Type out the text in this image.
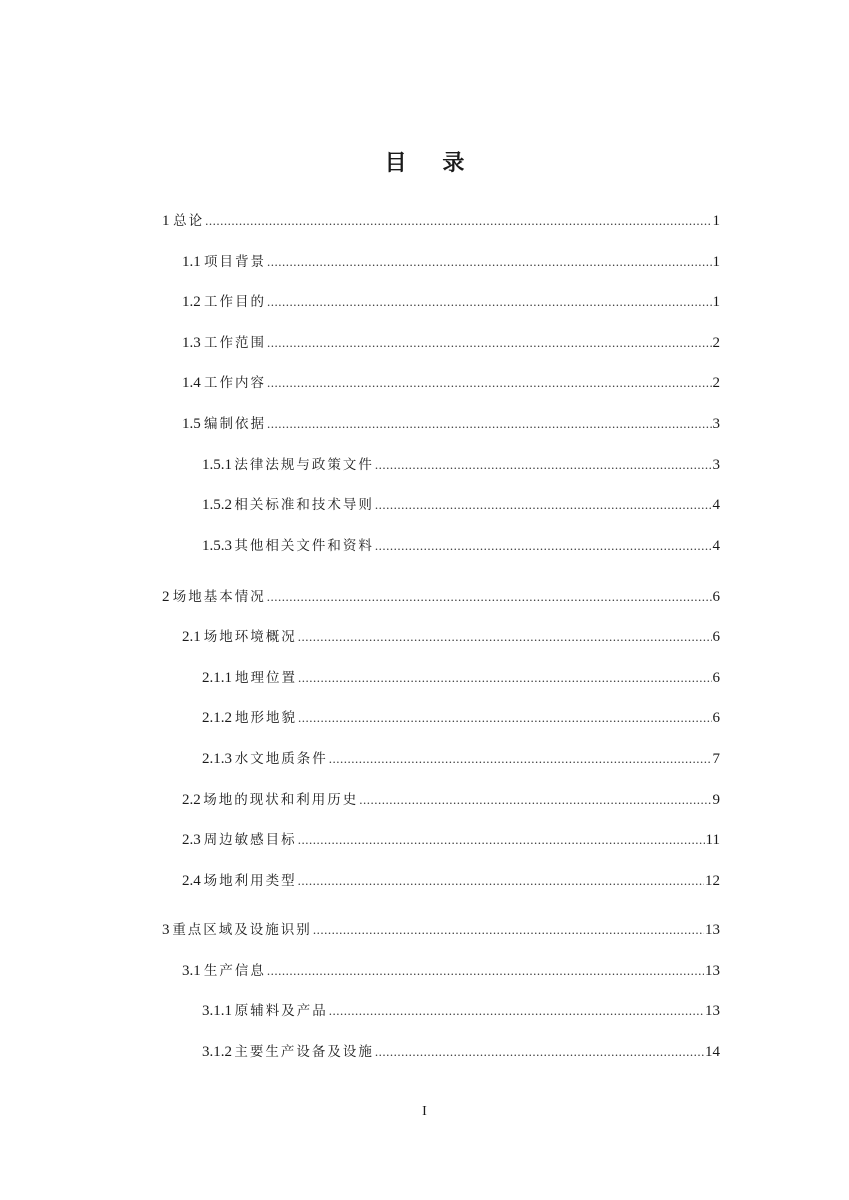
目 录
1 总论 .....	1
1.1 项目背景 .....	1
1.2 工作目的 .....	1
1.3 工作范围 .....	2
1.4 工作内容 .....	2
1.5 编制依据 .....	3
1.5.1 法律法规与政策文件 .....	3
1.5.2 相关标准和技术导则 .....	4
1.5.3 其他相关文件和资料 .....	4
2 场地基本情况 .....	6
2.1 场地环境概况 .....	6
2.1.1 地理位置 .....	6
2.1.2 地形地貌 .....	6
2.1.3 水文地质条件 .....	7
2.2 场地的现状和利用历史 .....	9
2.3 周边敏感目标 .....	11
2.4 场地利用类型 .....	12
3 重点区域及设施识别 .....	13
3.1 生产信息 .....	13
3.1.1 原辅料及产品 .....	13
3.1.2 主要生产设备及设施 .....	14
I
